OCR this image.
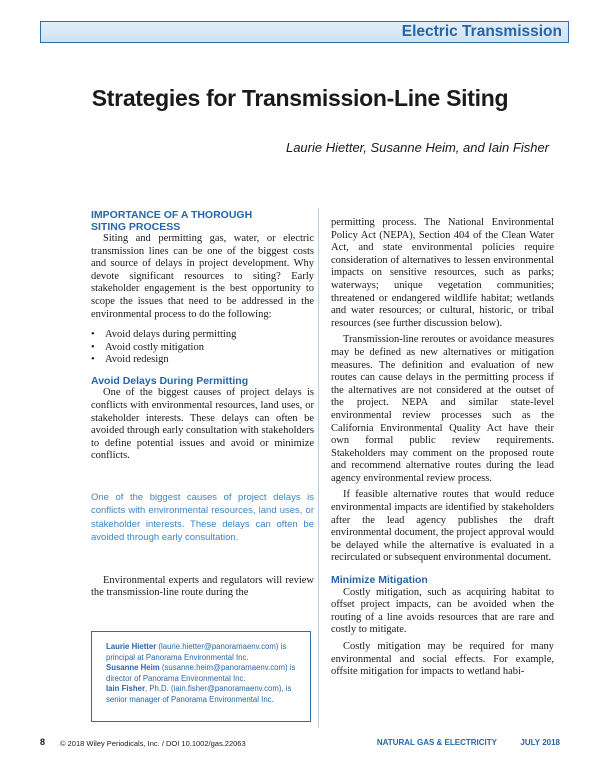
Electric Transmission
Strategies for Transmission-Line Siting
Laurie Hietter, Susanne Heim, and Iain Fisher
IMPORTANCE OF A THOROUGH
SITING PROCESS

Siting and permitting gas, water, or electric transmission lines can be one of the biggest costs and source of delays in project development. Why devote significant resources to siting? Early stakeholder engagement is the best opportunity to scope the issues that need to be addressed in the environmental process to do the following:

• Avoid delays during permitting
• Avoid costly mitigation
• Avoid redesign
Avoid Delays During Permitting

One of the biggest causes of project delays is conflicts with environmental resources, land uses, or stakeholder interests. These delays can often be avoided through early consultation with stakeholders to define potential issues and avoid or minimize conflicts.

One of the biggest causes of project delays is conflicts with environmental resources, land uses, or stakeholder interests. These delays can often be avoided through early consultation.

Environmental experts and regulators will review the transmission-line route during the

Laurie Hietter (laurie.hietter@panoramaenv.com) is principal at Panorama Environmental Inc.
Susanne Heim (susanne.heim@panoramaenv.com) is director of Panorama Environmental Inc.
Iain Fisher, Ph.D. (iain.fisher@panoramaenv.com), is senior manager of Panorama Environmental Inc.

permitting process. The National Environmental Policy Act (NEPA), Section 404 of the Clean Water Act, and state environmental policies require consideration of alternatives to lessen environmental impacts on sensitive resources, such as parks; waterways; unique vegetation communities; threatened or endangered wildlife habitat; wetlands and water resources; or cultural, historic, or tribal resources (see further discussion below).

Transmission-line reroutes or avoidance measures may be defined as new alternatives or mitigation measures. The definition and evaluation of new routes can cause delays in the permitting process if the alternatives are not considered at the outset of the project. NEPA and similar state-level environmental review processes such as the California Environmental Quality Act have their own formal public review requirements. Stakeholders may comment on the proposed route and recommend alternative routes during the lead agency environmental review process.

If feasible alternative routes that would reduce environmental impacts are identified by stakeholders after the lead agency publishes the draft environmental document, the project approval would be delayed while the alternative is evaluated in a recirculated or subsequent environmental document.

Minimize Mitigation

Costly mitigation, such as acquiring habitat to offset project impacts, can be avoided when the routing of a line avoids resources that are rare and costly to mitigate.

Costly mitigation may be required for many environmental and social effects. For example, offsite mitigation for impacts to wetland habi-

8 © 2018 Wiley Periodicals, Inc. / DOI 10.1002/gas.22063	NATURAL GAS & ELECTRICITY	JULY 2018
